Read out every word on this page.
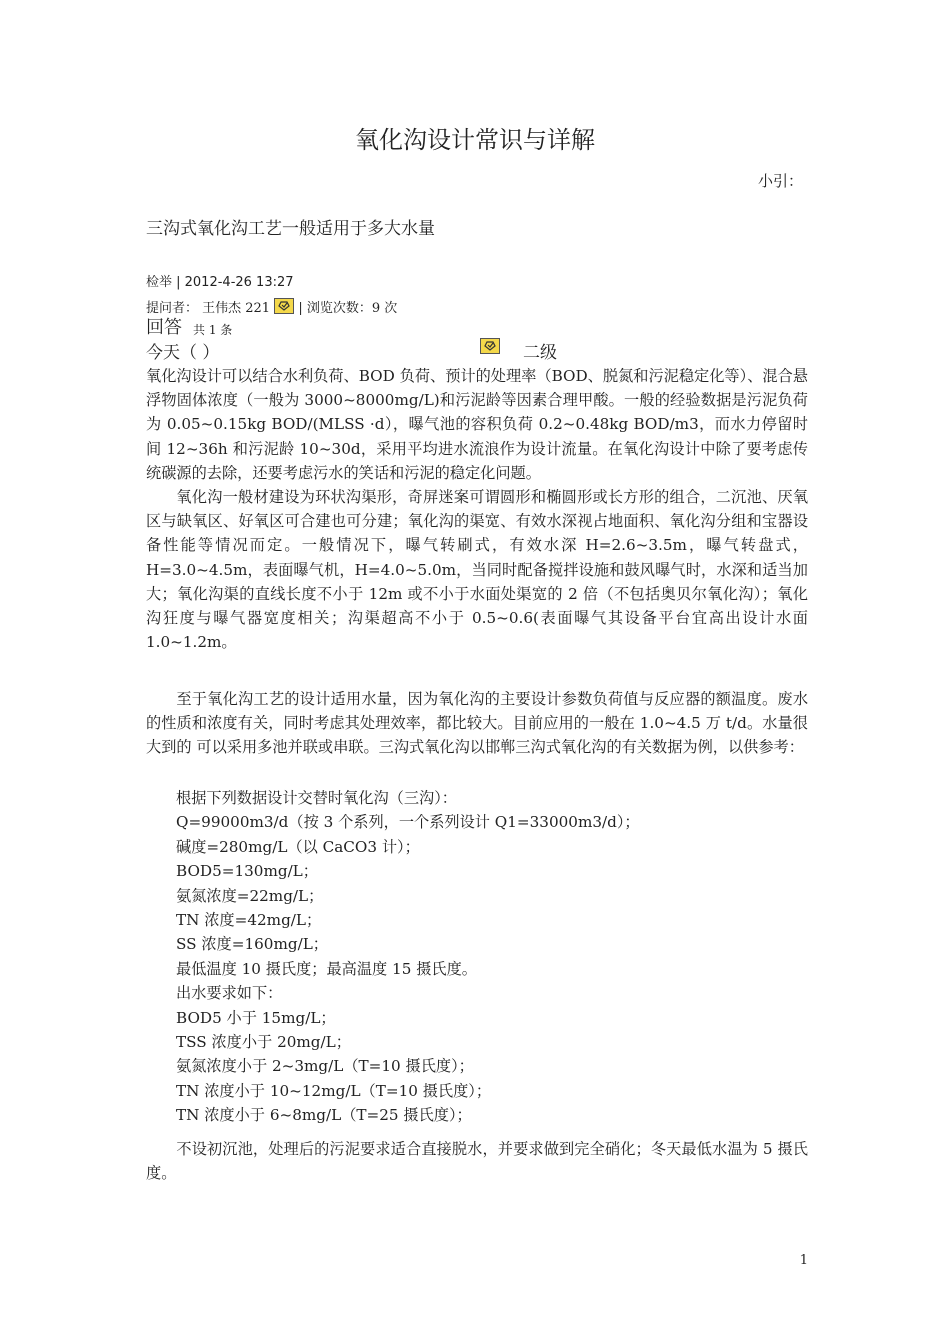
氧化沟设计常识与详解
小引：
三沟式氧化沟工艺一般适用于多大水量
检举 | 2012-4-26 13:27
提问者： 王伟杰 221 | 浏览次数：9 次
回答 共 1 条
今天（ ）	二级

氧化沟设计可以结合水利负荷、BOD 负荷、预计的处理率（BOD、脱氮和污泥稳定化等）、混合悬浮物固体浓度（一般为 3000~8000mg/L)和污泥龄等因素合理甲酸。一般的经验数据是污泥负荷为 0.05~0.15kg BOD/(MLSS ·d），曝气池的容积负荷 0.2~0.48kg BOD/m3，而水力停留时间 12~36h 和污泥龄 10~30d，采用平均进水流浪作为设计流量。在氧化沟设计中除了要考虑传统碳源的去除，还要考虑污水的笑话和污泥的稳定化问题。

氧化沟一般材建设为环状沟渠形，奇屏迷案可谓圆形和椭圆形或长方形的组合，二沉池、厌氧区与缺氧区、好氧区可合建也可分建；氧化沟的渠宽、有效水深视占地面积、氧化沟分组和宝器设备性能等情况而定。一般情况下，曝气转刷式，有效水深 H=2.6~3.5m，曝气转盘式，H=3.0~4.5m，表面曝气机，H=4.0~5.0m，当同时配备搅拌设施和鼓风曝气时，水深和适当加大；氧化沟渠的直线长度不小于 12m 或不小于水面处渠宽的 2 倍（不包括奥贝尔氧化沟）；氧化沟狂度与曝气器宽度相关；沟渠超高不小于 0.5~0.6(表面曝气其设备平台宜高出设计水面 1.0~1.2m。

至于氧化沟工艺的设计适用水量，因为氧化沟的主要设计参数负荷值与反应器的额温度。废水的性质和浓度有关，同时考虑其处理效率，都比较大。目前应用的一般在 1.0~4.5 万 t/d。水量很大到的 可以采用多池并联或串联。三沟式氧化沟以邯郸三沟式氧化沟的有关数据为例，以供参考：

根据下列数据设计交替时氧化沟（三沟）：
Q=99000m3/d（按 3 个系列，一个系列设计 Q1=33000m3/d）；
碱度=280mg/L（以 CaCO3 计）；
BOD5=130mg/L；
氨氮浓度=22mg/L；
TN 浓度=42mg/L；
SS 浓度=160mg/L；
最低温度 10 摄氏度；最高温度 15 摄氏度。
出水要求如下：
BOD5 小于 15mg/L；
TSS 浓度小于 20mg/L；
氨氮浓度小于 2~3mg/L（T=10 摄氏度）；
TN 浓度小于 10~12mg/L（T=10 摄氏度）；
TN 浓度小于 6~8mg/L（T=25 摄氏度）；
不设初沉池，处理后的污泥要求适合直接脱水，并要求做到完全硝化；冬天最低水温为 5 摄氏度。
1
